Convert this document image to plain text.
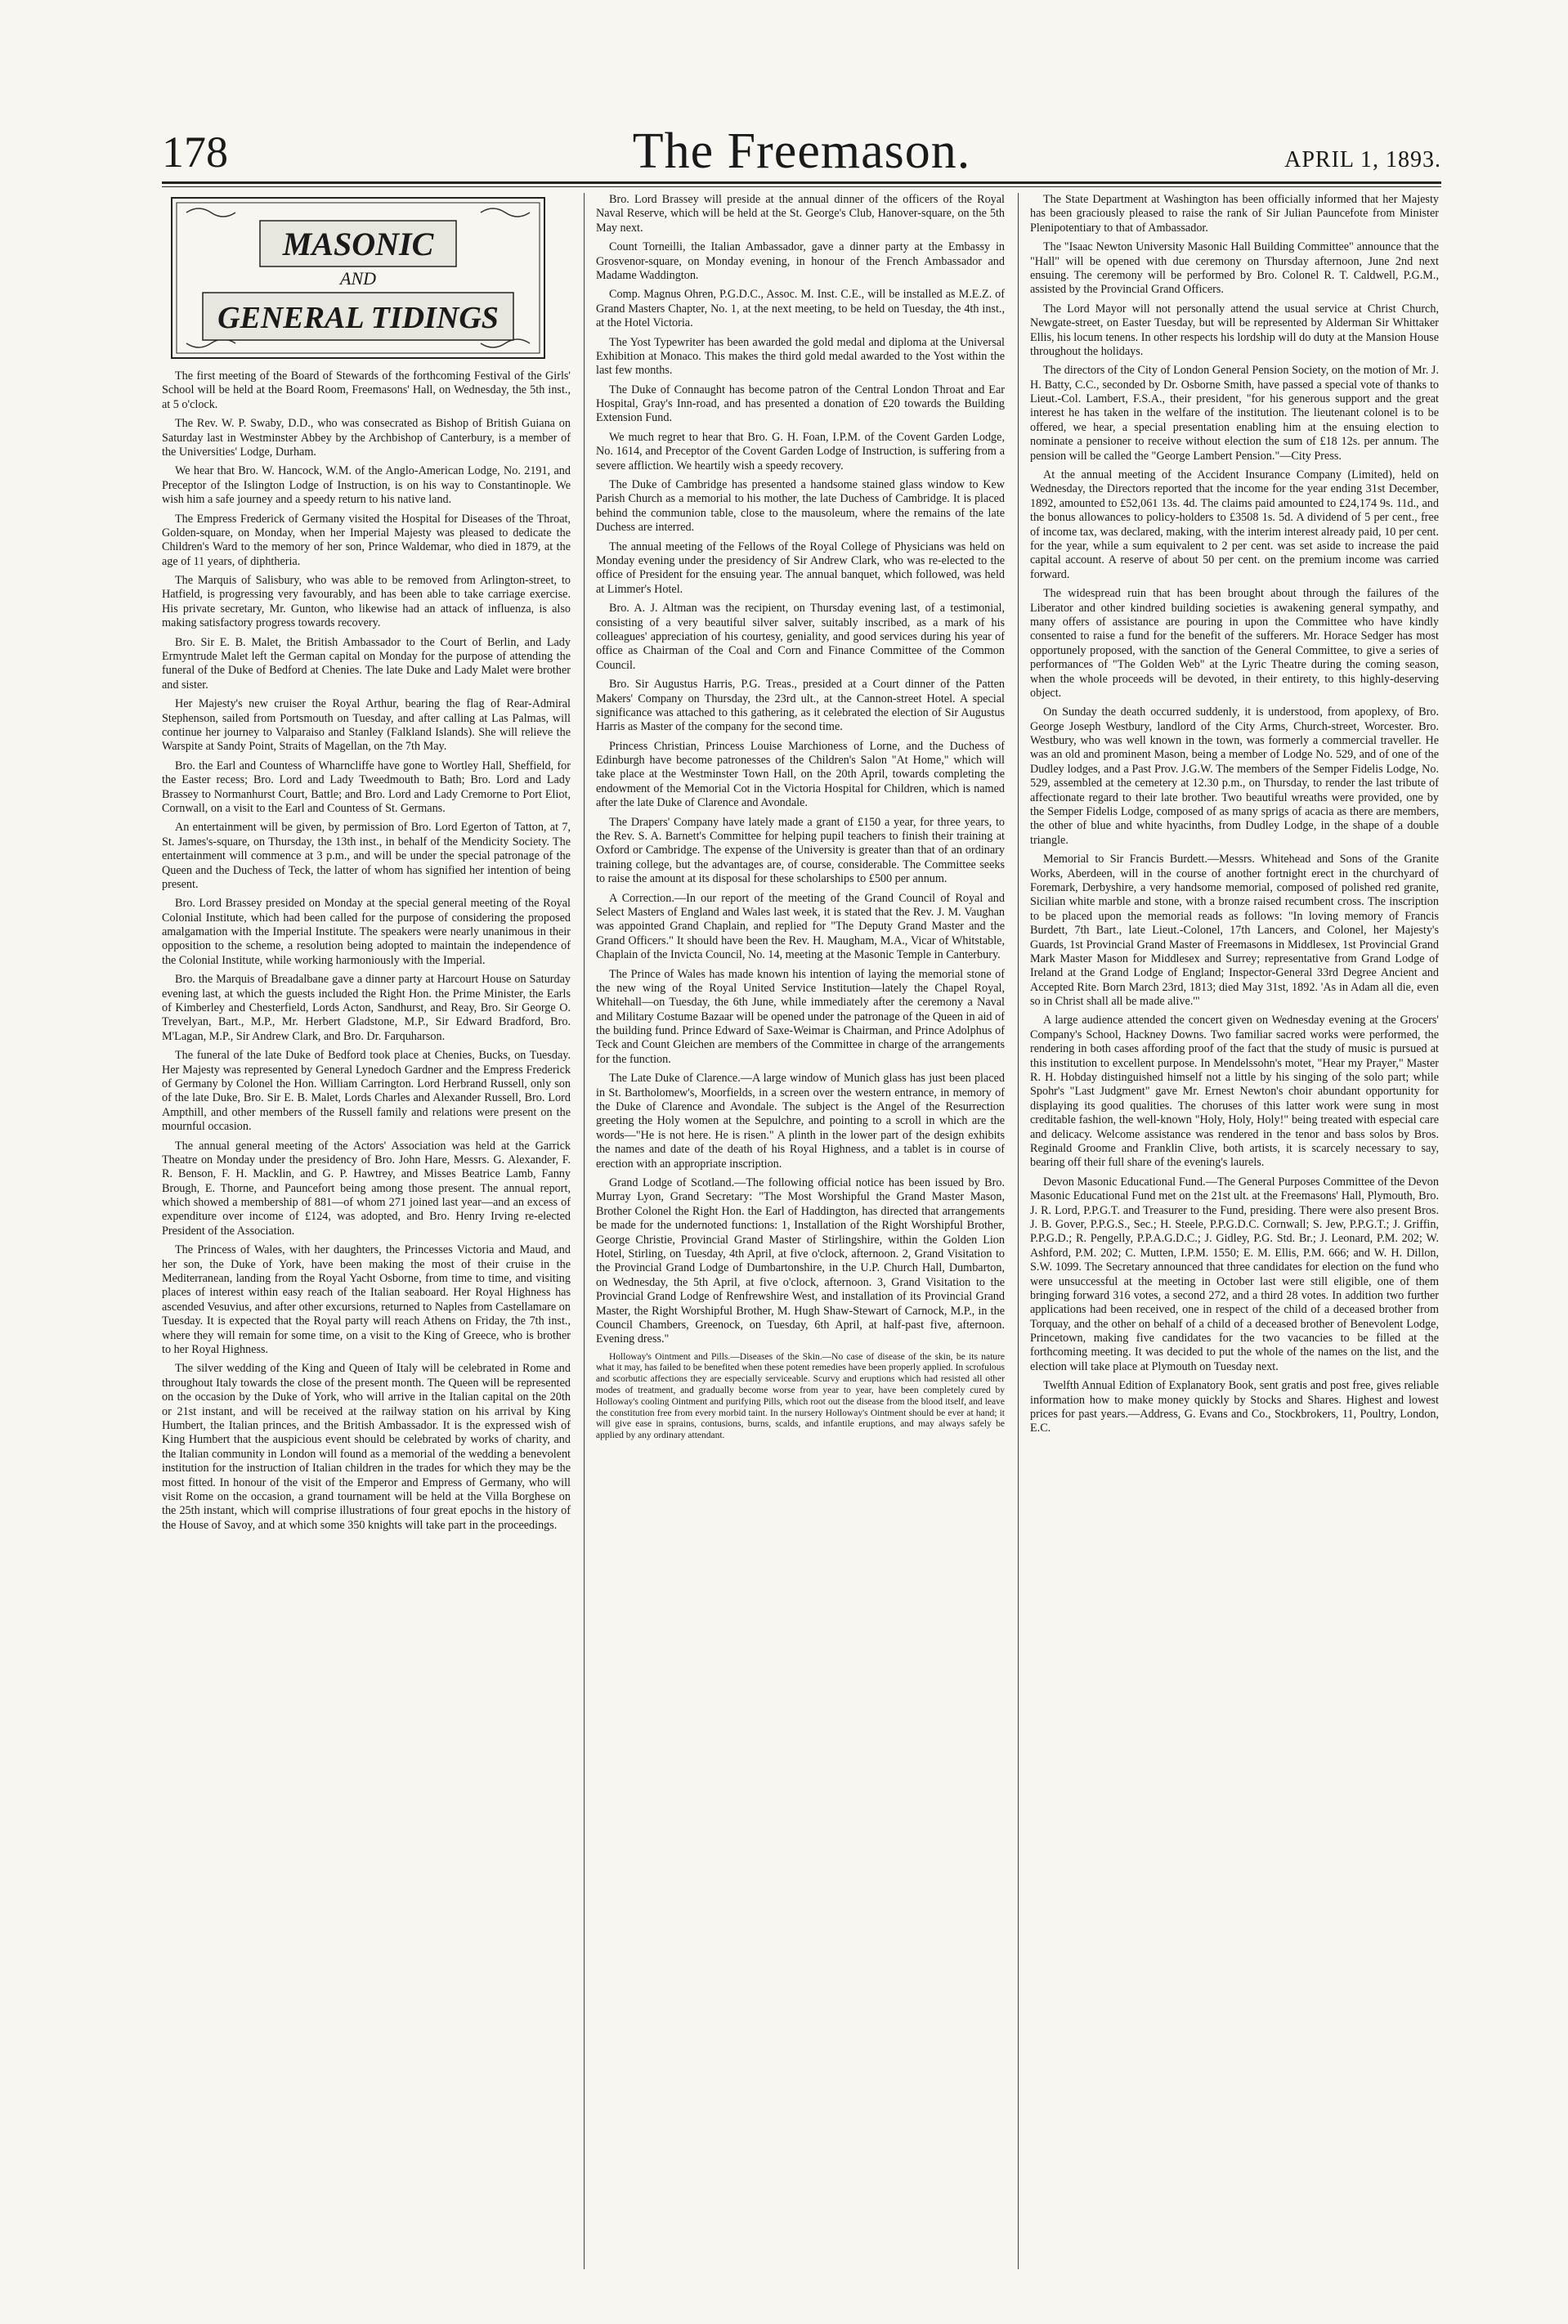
178	The Freemason.	APRIL 1, 1893.
MASONIC
AND
GENERAL TIDINGS

The first meeting of the Board of Stewards of the forthcoming Festival of the Girls' School will be held at the Board Room, Freemasons' Hall, on Wednesday, the 5th inst., at 5 o'clock.

The Rev. W. P. Swaby, D.D., who was consecrated as Bishop of British Guiana on Saturday last in Westminster Abbey by the Archbishop of Canterbury, is a member of the Universities' Lodge, Durham.

We hear that Bro. W. Hancock, W.M. of the Anglo-American Lodge, No. 2191, and Preceptor of the Islington Lodge of Instruction, is on his way to Constantinople. We wish him a safe journey and a speedy return to his native land.

The Empress Frederick of Germany visited the Hospital for Diseases of the Throat, Golden-square, on Monday, when her Imperial Majesty was pleased to dedicate the Children's Ward to the memory of her son, Prince Waldemar, who died in 1879, at the age of 11 years, of diphtheria.

The Marquis of Salisbury, who was able to be removed from Arlington-street, to Hatfield, is progressing very favourably, and has been able to take carriage exercise. His private secretary, Mr. Gunton, who likewise had an attack of influenza, is also making satisfactory progress towards recovery.

Bro. Sir E. B. Malet, the British Ambassador to the Court of Berlin, and Lady Ermyntrude Malet left the German capital on Monday for the purpose of attending the funeral of the Duke of Bedford at Chenies. The late Duke and Lady Malet were brother and sister.

Her Majesty's new cruiser the Royal Arthur, bearing the flag of Rear-Admiral Stephenson, sailed from Portsmouth on Tuesday, and after calling at Las Palmas, will continue her journey to Valparaiso and Stanley (Falkland Islands). She will relieve the Warspite at Sandy Point, Straits of Magellan, on the 7th May.

Bro. the Earl and Countess of Wharncliffe have gone to Wortley Hall, Sheffield, for the Easter recess; Bro. Lord and Lady Tweedmouth to Bath; Bro. Lord and Lady Brassey to Normanhurst Court, Battle; and Bro. Lord and Lady Cremorne to Port Eliot, Cornwall, on a visit to the Earl and Countess of St. Germans.

An entertainment will be given, by permission of Bro. Lord Egerton of Tatton, at 7, St. James's-square, on Thursday, the 13th inst., in behalf of the Mendicity Society. The entertainment will commence at 3 p.m., and will be under the special patronage of the Queen and the Duchess of Teck, the latter of whom has signified her intention of being present.

Bro. Lord Brassey presided on Monday at the special general meeting of the Royal Colonial Institute, which had been called for the purpose of considering the proposed amalgamation with the Imperial Institute. The speakers were nearly unanimous in their opposition to the scheme, a resolution being adopted to maintain the independence of the Colonial Institute, while working harmoniously with the Imperial.

Bro. the Marquis of Breadalbane gave a dinner party at Harcourt House on Saturday evening last, at which the guests included the Right Hon. the Prime Minister, the Earls of Kimberley and Chesterfield, Lords Acton, Sandhurst, and Reay, Bro. Sir George O. Trevelyan, Bart., M.P., Mr. Herbert Gladstone, M.P., Sir Edward Bradford, Bro. M'Lagan, M.P., Sir Andrew Clark, and Bro. Dr. Farquharson.

The funeral of the late Duke of Bedford took place at Chenies, Bucks, on Tuesday. Her Majesty was represented by General Lynedoch Gardner and the Empress Frederick of Germany by Colonel the Hon. William Carrington. Lord Herbrand Russell, only son of the late Duke, Bro. Sir E. B. Malet, Lords Charles and Alexander Russell, Bro. Lord Ampthill, and other members of the Russell family and relations were present on the mournful occasion.

The annual general meeting of the Actors' Association was held at the Garrick Theatre on Monday under the presidency of Bro. John Hare, Messrs. G. Alexander, F. R. Benson, F. H. Macklin, and G. P. Hawtrey, and Misses Beatrice Lamb, Fanny Brough, E. Thorne, and Pauncefort being among those present. The annual report, which showed a membership of 881—of whom 271 joined last year—and an excess of expenditure over income of £124, was adopted, and Bro. Henry Irving re-elected President of the Association.

The Princess of Wales, with her daughters, the Princesses Victoria and Maud, and her son, the Duke of York, have been making the most of their cruise in the Mediterranean, landing from the Royal Yacht Osborne, from time to time, and visiting places of interest within easy reach of the Italian seaboard. Her Royal Highness has ascended Vesuvius, and after other excursions, returned to Naples from Castellamare on Tuesday. It is expected that the Royal party will reach Athens on Friday, the 7th inst., where they will remain for some time, on a visit to the King of Greece, who is brother to her Royal Highness.

The silver wedding of the King and Queen of Italy will be celebrated in Rome and throughout Italy towards the close of the present month. The Queen will be represented on the occasion by the Duke of York, who will arrive in the Italian capital on the 20th or 21st instant, and will be received at the railway station on his arrival by King Humbert, the Italian princes, and the British Ambassador. It is the expressed wish of King Humbert that the auspicious event should be celebrated by works of charity, and the Italian community in London will found as a memorial of the wedding a benevolent institution for the instruction of Italian children in the trades for which they may be the most fitted. In honour of the visit of the Emperor and Empress of Germany, who will visit Rome on the occasion, a grand tournament will be held at the Villa Borghese on the 25th instant, which will comprise illustrations of four great epochs in the history of the House of Savoy, and at which some 350 knights will take part in the proceedings.

Bro. Lord Brassey will preside at the annual dinner of the officers of the Royal Naval Reserve, which will be held at the St. George's Club, Hanover-square, on the 5th May next.

Count Torneilli, the Italian Ambassador, gave a dinner party at the Embassy in Grosvenor-square, on Monday evening, in honour of the French Ambassador and Madame Waddington.

Comp. Magnus Ohren, P.G.D.C., Assoc. M. Inst. C.E., will be installed as M.E.Z. of Grand Masters Chapter, No. 1, at the next meeting, to be held on Tuesday, the 4th inst., at the Hotel Victoria.

The Yost Typewriter has been awarded the gold medal and diploma at the Universal Exhibition at Monaco. This makes the third gold medal awarded to the Yost within the last few months.

The Duke of Connaught has become patron of the Central London Throat and Ear Hospital, Gray's Inn-road, and has presented a donation of £20 towards the Building Extension Fund.

We much regret to hear that Bro. G. H. Foan, I.P.M. of the Covent Garden Lodge, No. 1614, and Preceptor of the Covent Garden Lodge of Instruction, is suffering from a severe affliction. We heartily wish a speedy recovery.

The Duke of Cambridge has presented a handsome stained glass window to Kew Parish Church as a memorial to his mother, the late Duchess of Cambridge. It is placed behind the communion table, close to the mausoleum, where the remains of the late Duchess are interred.

The annual meeting of the Fellows of the Royal College of Physicians was held on Monday evening under the presidency of Sir Andrew Clark, who was re-elected to the office of President for the ensuing year. The annual banquet, which followed, was held at Limmer's Hotel.

Bro. A. J. Altman was the recipient, on Thursday evening last, of a testimonial, consisting of a very beautiful silver salver, suitably inscribed, as a mark of his colleagues' appreciation of his courtesy, geniality, and good services during his year of office as Chairman of the Coal and Corn and Finance Committee of the Common Council.

Bro. Sir Augustus Harris, P.G. Treas., presided at a Court dinner of the Patten Makers' Company on Thursday, the 23rd ult., at the Cannon-street Hotel. A special significance was attached to this gathering, as it celebrated the election of Sir Augustus Harris as Master of the company for the second time.

Princess Christian, Princess Louise Marchioness of Lorne, and the Duchess of Edinburgh have become patronesses of the Children's Salon "At Home," which will take place at the Westminster Town Hall, on the 20th April, towards completing the endowment of the Memorial Cot in the Victoria Hospital for Children, which is named after the late Duke of Clarence and Avondale.

The Drapers' Company have lately made a grant of £150 a year, for three years, to the Rev. S. A. Barnett's Committee for helping pupil teachers to finish their training at Oxford or Cambridge. The expense of the University is greater than that of an ordinary training college, but the advantages are, of course, considerable. The Committee seeks to raise the amount at its disposal for these scholarships to £500 per annum.

A Correction.—In our report of the meeting of the Grand Council of Royal and Select Masters of England and Wales last week, it is stated that the Rev. J. M. Vaughan was appointed Grand Chaplain, and replied for "The Deputy Grand Master and the Grand Officers." It should have been the Rev. H. Maugham, M.A., Vicar of Whitstable, Chaplain of the Invicta Council, No. 14, meeting at the Masonic Temple in Canterbury.

The Prince of Wales has made known his intention of laying the memorial stone of the new wing of the Royal United Service Institution—lately the Chapel Royal, Whitehall—on Tuesday, the 6th June, while immediately after the ceremony a Naval and Military Costume Bazaar will be opened under the patronage of the Queen in aid of the building fund. Prince Edward of Saxe-Weimar is Chairman, and Prince Adolphus of Teck and Count Gleichen are members of the Committee in charge of the arrangements for the function.

The Late Duke of Clarence.—A large window of Munich glass has just been placed in St. Bartholomew's, Moorfields, in a screen over the western entrance, in memory of the Duke of Clarence and Avondale. The subject is the Angel of the Resurrection greeting the Holy women at the Sepulchre, and pointing to a scroll in which are the words—"He is not here. He is risen." A plinth in the lower part of the design exhibits the names and date of the death of his Royal Highness, and a tablet is in course of erection with an appropriate inscription.

Grand Lodge of Scotland.—The following official notice has been issued by Bro. Murray Lyon, Grand Secretary: "The Most Worshipful the Grand Master Mason, Brother Colonel the Right Hon. the Earl of Haddington, has directed that arrangements be made for the undernoted functions: 1, Installation of the Right Worshipful Brother, George Christie, Provincial Grand Master of Stirlingshire, within the Golden Lion Hotel, Stirling, on Tuesday, 4th April, at five o'clock, afternoon. 2, Grand Visitation to the Provincial Grand Lodge of Dumbartonshire, in the U.P. Church Hall, Dumbarton, on Wednesday, the 5th April, at five o'clock, afternoon. 3, Grand Visitation to the Provincial Grand Lodge of Renfrewshire West, and installation of its Provincial Grand Master, the Right Worshipful Brother, M. Hugh Shaw-Stewart of Carnock, M.P., in the Council Chambers, Greenock, on Tuesday, 6th April, at half-past five, afternoon. Evening dress."

Holloway's Ointment and Pills.—Diseases of the Skin.—No case of disease of the skin, be its nature what it may, has failed to be benefited when these potent remedies have been properly applied. In scrofulous and scorbutic affections they are especially serviceable. Scurvy and eruptions which had resisted all other modes of treatment, and gradually become worse from year to year, have been completely cured by Holloway's cooling Ointment and purifying Pills, which root out the disease from the blood itself, and leave the constitution free from every morbid taint. In the nursery Holloway's Ointment should be ever at hand; it will give ease in sprains, contusions, burns, scalds, and infantile eruptions, and may always safely be applied by any ordinary attendant.

The State Department at Washington has been officially informed that her Majesty has been graciously pleased to raise the rank of Sir Julian Pauncefote from Minister Plenipotentiary to that of Ambassador.

The "Isaac Newton University Masonic Hall Building Committee" announce that the "Hall" will be opened with due ceremony on Thursday afternoon, June 2nd next ensuing. The ceremony will be performed by Bro. Colonel R. T. Caldwell, P.G.M., assisted by the Provincial Grand Officers.

The Lord Mayor will not personally attend the usual service at Christ Church, Newgate-street, on Easter Tuesday, but will be represented by Alderman Sir Whittaker Ellis, his locum tenens. In other respects his lordship will do duty at the Mansion House throughout the holidays.

The directors of the City of London General Pension Society, on the motion of Mr. J. H. Batty, C.C., seconded by Dr. Osborne Smith, have passed a special vote of thanks to Lieut.-Col. Lambert, F.S.A., their president, "for his generous support and the great interest he has taken in the welfare of the institution. The lieutenant colonel is to be offered, we hear, a special presentation enabling him at the ensuing election to nominate a pensioner to receive without election the sum of £18 12s. per annum. The pension will be called the "George Lambert Pension."—City Press.

At the annual meeting of the Accident Insurance Company (Limited), held on Wednesday, the Directors reported that the income for the year ending 31st December, 1892, amounted to £52,061 13s. 4d. The claims paid amounted to £24,174 9s. 11d., and the bonus allowances to policy-holders to £3508 1s. 5d. A dividend of 5 per cent., free of income tax, was declared, making, with the interim interest already paid, 10 per cent. for the year, while a sum equivalent to 2 per cent. was set aside to increase the paid capital account. A reserve of about 50 per cent. on the premium income was carried forward.

The widespread ruin that has been brought about through the failures of the Liberator and other kindred building societies is awakening general sympathy, and many offers of assistance are pouring in upon the Committee who have kindly consented to raise a fund for the benefit of the sufferers. Mr. Horace Sedger has most opportunely proposed, with the sanction of the General Committee, to give a series of performances of "The Golden Web" at the Lyric Theatre during the coming season, when the whole proceeds will be devoted, in their entirety, to this highly-deserving object.

On Sunday the death occurred suddenly, it is understood, from apoplexy, of Bro. George Joseph Westbury, landlord of the City Arms, Church-street, Worcester. Bro. Westbury, who was well known in the town, was formerly a commercial traveller. He was an old and prominent Mason, being a member of Lodge No. 529, and of one of the Dudley lodges, and a Past Prov. J.G.W. The members of the Semper Fidelis Lodge, No. 529, assembled at the cemetery at 12.30 p.m., on Thursday, to render the last tribute of affectionate regard to their late brother. Two beautiful wreaths were provided, one by the Semper Fidelis Lodge, composed of as many sprigs of acacia as there are members, the other of blue and white hyacinths, from Dudley Lodge, in the shape of a double triangle.

Memorial to Sir Francis Burdett.—Messrs. Whitehead and Sons of the Granite Works, Aberdeen, will in the course of another fortnight erect in the churchyard of Foremark, Derbyshire, a very handsome memorial, composed of polished red granite, Sicilian white marble and stone, with a bronze raised recumbent cross. The inscription to be placed upon the memorial reads as follows: "In loving memory of Francis Burdett, 7th Bart., late Lieut.-Colonel, 17th Lancers, and Colonel, her Majesty's Guards, 1st Provincial Grand Master of Freemasons in Middlesex, 1st Provincial Grand Mark Master Mason for Middlesex and Surrey; representative from Grand Lodge of Ireland at the Grand Lodge of England; Inspector-General 33rd Degree Ancient and Accepted Rite. Born March 23rd, 1813; died May 31st, 1892. 'As in Adam all die, even so in Christ shall all be made alive.'"

A large audience attended the concert given on Wednesday evening at the Grocers' Company's School, Hackney Downs. Two familiar sacred works were performed, the rendering in both cases affording proof of the fact that the study of music is pursued at this institution to excellent purpose. In Mendelssohn's motet, "Hear my Prayer," Master R. H. Hobday distinguished himself not a little by his singing of the solo part; while Spohr's "Last Judgment" gave Mr. Ernest Newton's choir abundant opportunity for displaying its good qualities. The choruses of this latter work were sung in most creditable fashion, the well-known "Holy, Holy, Holy!" being treated with especial care and delicacy. Welcome assistance was rendered in the tenor and bass solos by Bros. Reginald Groome and Franklin Clive, both artists, it is scarcely necessary to say, bearing off their full share of the evening's laurels.

Devon Masonic Educational Fund.—The General Purposes Committee of the Devon Masonic Educational Fund met on the 21st ult. at the Freemasons' Hall, Plymouth, Bro. J. R. Lord, P.P.G.T. and Treasurer to the Fund, presiding. There were also present Bros. J. B. Gover, P.P.G.S., Sec.; H. Steele, P.P.G.D.C. Cornwall; S. Jew, P.P.G.T.; J. Griffin, P.P.G.D.; R. Pengelly, P.P.A.G.D.C.; J. Gidley, P.G. Std. Br.; J. Leonard, P.M. 202; W. Ashford, P.M. 202; C. Mutten, I.P.M. 1550; E. M. Ellis, P.M. 666; and W. H. Dillon, S.W. 1099. The Secretary announced that three candidates for election on the fund who were unsuccessful at the meeting in October last were still eligible, one of them bringing forward 316 votes, a second 272, and a third 28 votes. In addition two further applications had been received, one in respect of the child of a deceased brother from Torquay, and the other on behalf of a child of a deceased brother of Benevolent Lodge, Princetown, making five candidates for the two vacancies to be filled at the forthcoming meeting. It was decided to put the whole of the names on the list, and the election will take place at Plymouth on Tuesday next.

Twelfth Annual Edition of Explanatory Book, sent gratis and post free, gives reliable information how to make money quickly by Stocks and Shares. Highest and lowest prices for past years.—Address, G. Evans and Co., Stockbrokers, 11, Poultry, London, E.C.
